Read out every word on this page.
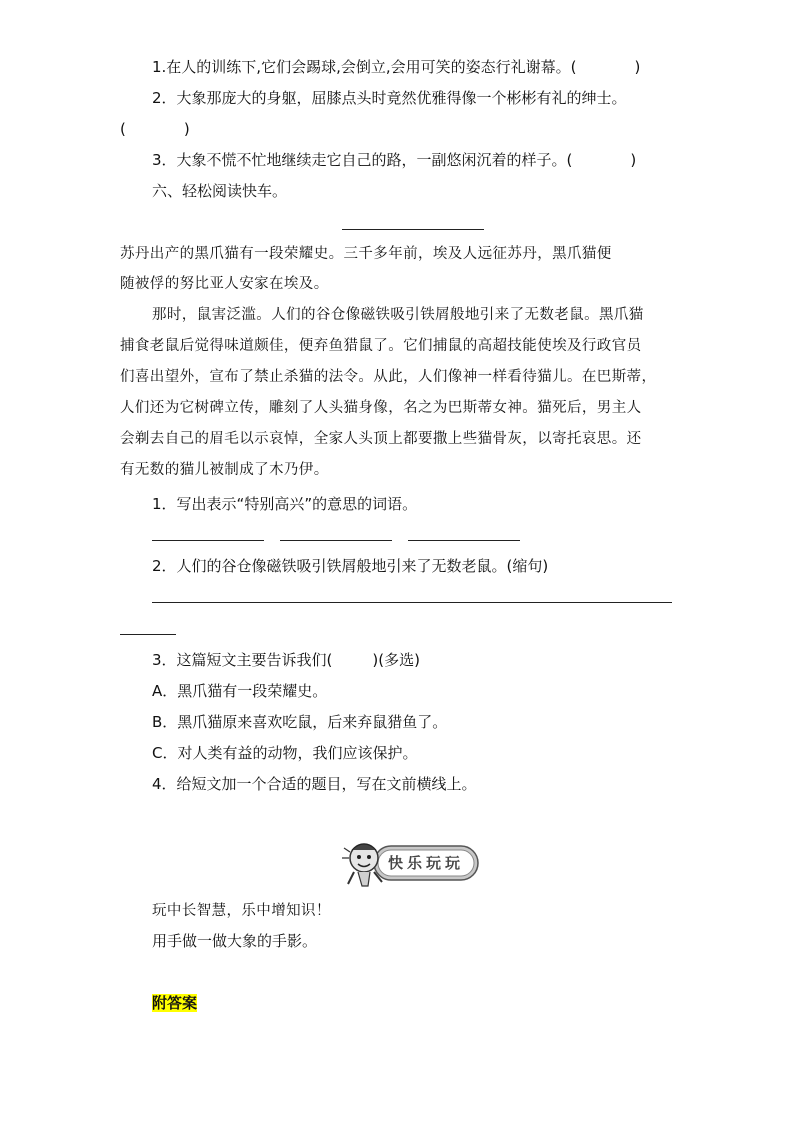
1.在人的训练下,它们会踢球,会倒立,会用可笑的姿态行礼谢幕。(	)
2．大象那庞大的身躯，屈膝点头时竟然优雅得像一个彬彬有礼的绅士。
(	)
3．大象不慌不忙地继续走它自己的路，一副悠闲沉着的样子。(	)
六、轻松阅读快车。
苏丹出产的黑爪猫有一段荣耀史。三千多年前，埃及人远征苏丹，黑爪猫便
随被俘的努比亚人安家在埃及。
那时，鼠害泛滥。人们的谷仓像磁铁吸引铁屑般地引来了无数老鼠。黑爪猫
捕食老鼠后觉得味道颇佳，便弃鱼猎鼠了。它们捕鼠的高超技能使埃及行政官员
们喜出望外，宣布了禁止杀猫的法令。从此，人们像神一样看待猫儿。在巴斯蒂，
人们还为它树碑立传，雕刻了人头猫身像，名之为巴斯蒂女神。猫死后，男主人
会剃去自己的眉毛以示哀悼，全家人头顶上都要撒上些猫骨灰，以寄托哀思。还
有无数的猫儿被制成了木乃伊。
1．写出表示“特别高兴”的意思的词语。
2．人们的谷仓像磁铁吸引铁屑般地引来了无数老鼠。(缩句)
3．这篇短文主要告诉我们(	)(多选)
A．黑爪猫有一段荣耀史。
B．黑爪猫原来喜欢吃鼠，后来弃鼠猎鱼了。
C．对人类有益的动物，我们应该保护。
4．给短文加一个合适的题目，写在文前横线上。
快乐玩玩
玩中长智慧，乐中增知识！
用手做一做大象的手影。
附答案
